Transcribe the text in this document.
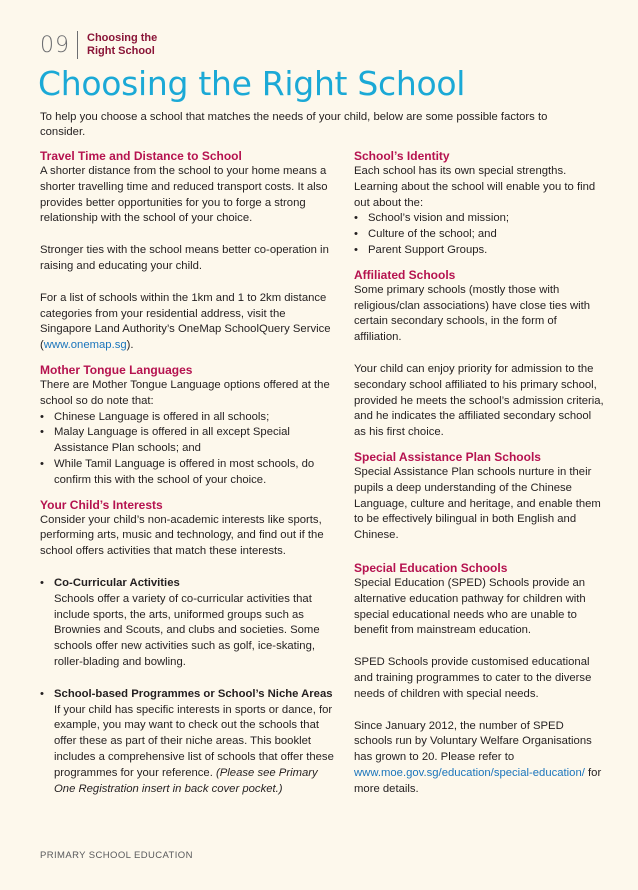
09 Choosing the Right School
Choosing the Right School

To help you choose a school that matches the needs of your child, below are some possible factors to consider.

Travel Time and Distance to School

A shorter distance from the school to your home means a shorter travelling time and reduced transport costs. It also provides better opportunities for you to forge a strong relationship with the school of your choice.

Stronger ties with the school means better co-operation in raising and educating your child.

For a list of schools within the 1km and 1 to 2km distance categories from your residential address, visit the Singapore Land Authority’s OneMap SchoolQuery Service (www.onemap.sg).

Mother Tongue Languages

There are Mother Tongue Language options offered at the school so do note that:

• Chinese Language is offered in all schools;
• Malay Language is offered in all except Special Assistance Plan schools; and
• While Tamil Language is offered in most schools, do confirm this with the school of your choice.
Your Child’s Interests

Consider your child’s non-academic interests like sports, performing arts, music and technology, and find out if the school offers activities that match these interests.

• Co-Curricular Activities
Schools offer a variety of co-curricular activities that include sports, the arts, uniformed groups such as Brownies and Scouts, and clubs and societies. Some schools offer new activities such as golf, ice-skating, roller-blading and bowling.
• School-based Programmes or School’s Niche Areas
If your child has specific interests in sports or dance, for example, you may want to check out the schools that offer these as part of their niche areas. This booklet includes a comprehensive list of schools that offer these programmes for your reference. (Please see Primary One Registration insert in back cover pocket.)
School’s Identity

Each school has its own special strengths. Learning about the school will enable you to find out about the:

• School’s vision and mission;
• Culture of the school; and
• Parent Support Groups.
Affiliated Schools

Some primary schools (mostly those with religious/clan associations) have close ties with certain secondary schools, in the form of affiliation.

Your child can enjoy priority for admission to the secondary school affiliated to his primary school, provided he meets the school’s admission criteria, and he indicates the affiliated secondary school as his first choice.

Special Assistance Plan Schools

Special Assistance Plan schools nurture in their pupils a deep understanding of the Chinese Language, culture and heritage, and enable them to be effectively bilingual in both English and Chinese.

Special Education Schools

Special Education (SPED) Schools provide an alternative education pathway for children with special educational needs who are unable to benefit from mainstream education.

SPED Schools provide customised educational and training programmes to cater to the diverse needs of children with special needs.

Since January 2012, the number of SPED schools run by Voluntary Welfare Organisations has grown to 20. Please refer to www.moe.gov.sg/education/special-education/ for more details.

PRIMARY SCHOOL EDUCATION
